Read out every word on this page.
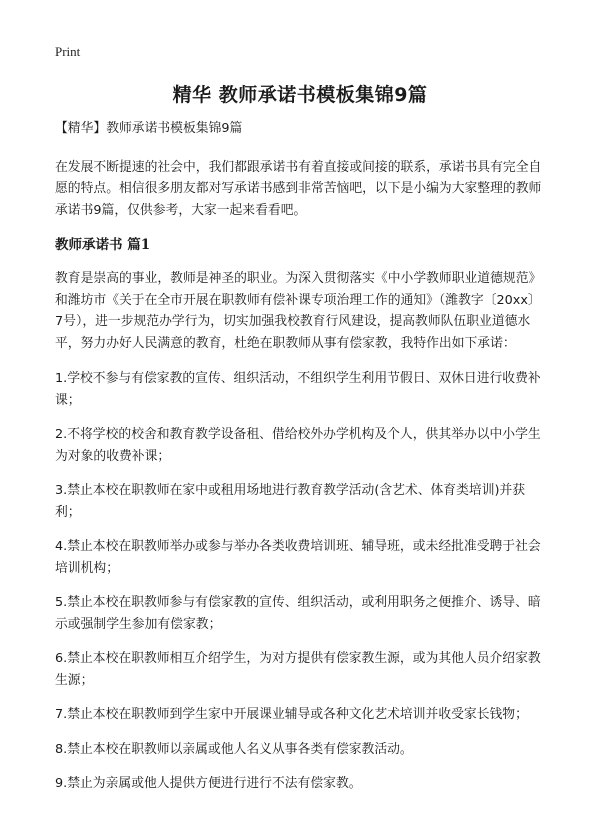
Print
精华 教师承诺书模板集锦9篇

【精华】教师承诺书模板集锦9篇

在发展不断提速的社会中，我们都跟承诺书有着直接或间接的联系，承诺书具有完全自愿的特点。相信很多朋友都对写承诺书感到非常苦恼吧，以下是小编为大家整理的教师承诺书9篇，仅供参考，大家一起来看看吧。

教师承诺书 篇1

教育是崇高的事业，教师是神圣的职业。为深入贯彻落实《中小学教师职业道德规范》和潍坊市《关于在全市开展在职教师有偿补课专项治理工作的通知》（潍教字〔20xx〕7号），进一步规范办学行为，切实加强我校教育行风建设，提高教师队伍职业道德水平，努力办好人民满意的教育，杜绝在职教师从事有偿家教，我特作出如下承诺：

1.学校不参与有偿家教的宣传、组织活动，不组织学生利用节假日、双休日进行收费补课；

2.不将学校的校舍和教育教学设备租、借给校外办学机构及个人，供其举办以中小学生为对象的收费补课；

3.禁止本校在职教师在家中或租用场地进行教育教学活动(含艺术、体育类培训)并获利；

4.禁止本校在职教师举办或参与举办各类收费培训班、辅导班，或未经批准受聘于社会培训机构；

5.禁止本校在职教师参与有偿家教的宣传、组织活动，或利用职务之便推介、诱导、暗示或强制学生参加有偿家教；

6.禁止本校在职教师相互介绍学生，为对方提供有偿家教生源，或为其他人员介绍家教生源；

7.禁止本校在职教师到学生家中开展课业辅导或各种文化艺术培训并收受家长钱物；

8.禁止本校在职教师以亲属或他人名义从事各类有偿家教活动。

9.禁止为亲属或他人提供方便进行进行不法有偿家教。
